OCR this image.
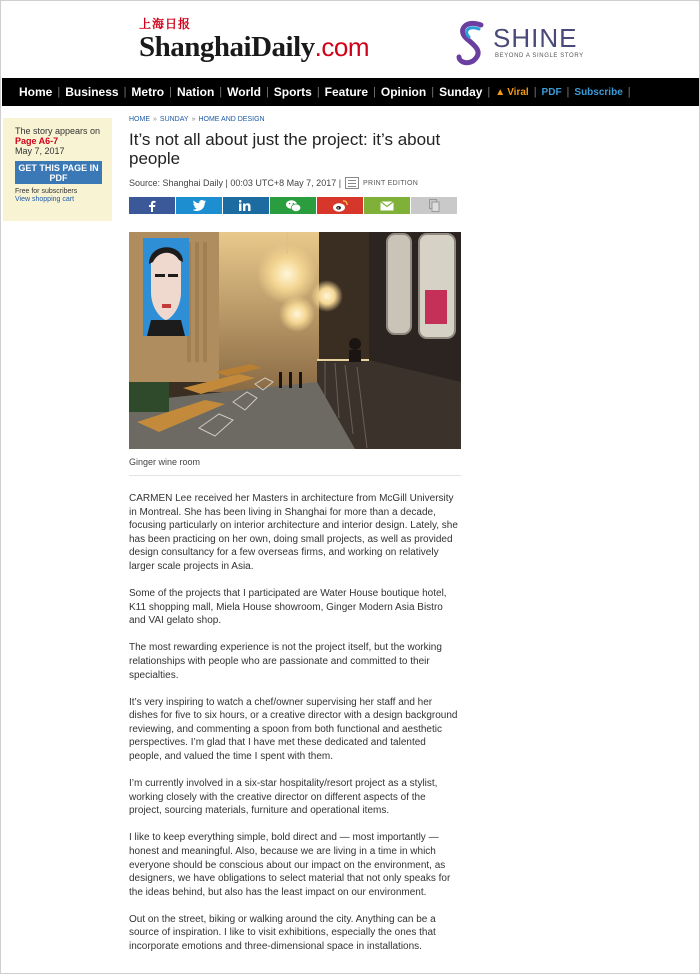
上海日报
ShanghaiDaily.com	SHINE
BEYOND A SINGLE STORY
Home | Business | Metro | Nation | World | Sports | Feature | Opinion | Sunday | ▲ Viral | PDF | Subscribe |
The story appears on
Page A6-7
May 7, 2017
GET THIS PAGE IN PDF
Free for subscribers
View shopping cart
HOME » SUNDAY » HOME AND DESIGN
It’s not all about just the project: it’s about people
Source: Shanghai Daily | 00:03 UTC+8 May 7, 2017 |	PRINT EDITION
Ginger wine room

CARMEN Lee received her Masters in architecture from McGill University in Montreal. She has been living in Shanghai for more than a decade, focusing particularly on interior architecture and interior design. Lately, she has been practicing on her own, doing small projects, as well as provided design consultancy for a few overseas firms, and working on relatively larger scale projects in Asia.

Some of the projects that I participated are Water House boutique hotel, K11 shopping mall, Miela House showroom, Ginger Modern Asia Bistro and VAI gelato shop.

The most rewarding experience is not the project itself, but the working relationships with people who are passionate and committed to their specialties.

It’s very inspiring to watch a chef/owner supervising her staff and her dishes for five to six hours, or a creative director with a design background reviewing, and commenting a spoon from both functional and aesthetic perspectives. I’m glad that I have met these dedicated and talented people, and valued the time I spent with them.

I’m currently involved in a six-star hospitality/resort project as a stylist, working closely with the creative director on different aspects of the project, sourcing materials, furniture and operational items.

I like to keep everything simple, bold direct and — most importantly — honest and meaningful. Also, because we are living in a time in which everyone should be conscious about our impact on the environment, as designers, we have obligations to select material that not only speaks for the ideas behind, but also has the least impact on our environment.

Out on the street, biking or walking around the city. Anything can be a source of inspiration. I like to visit exhibitions, especially the ones that incorporate emotions and three-dimensional space in installations.
